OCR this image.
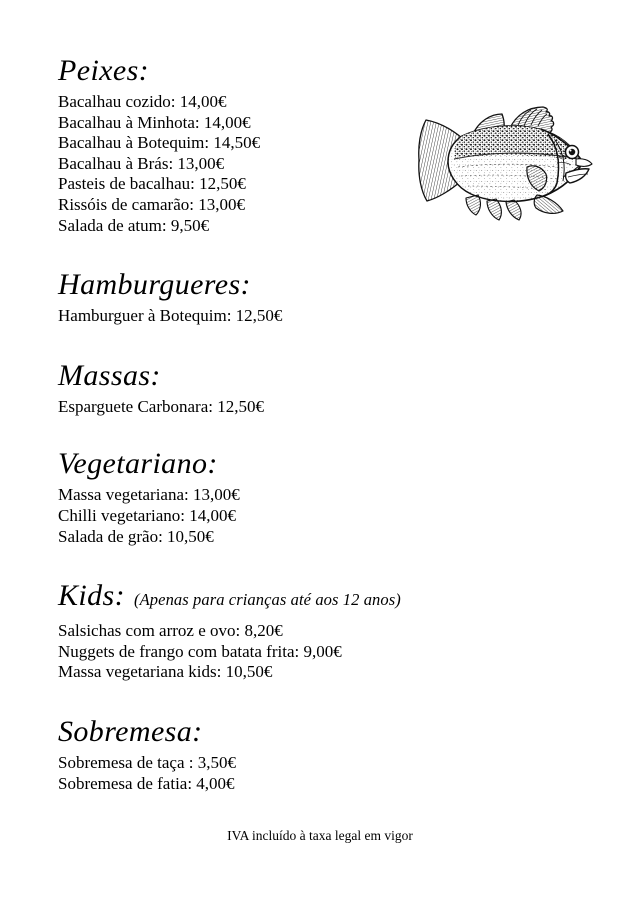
Peixes:
Bacalhau cozido: 14,00€
Bacalhau à Minhota: 14,00€
Bacalhau à Botequim: 14,50€
Bacalhau à Brás: 13,00€
Pasteis de bacalhau: 12,50€
Rissóis de camarão: 13,00€
Salada de atum: 9,50€
Hamburgueres:
Hamburguer à Botequim: 12,50€
Massas:
Esparguete Carbonara: 12,50€
Vegetariano:
Massa vegetariana: 13,00€
Chilli vegetariano: 14,00€
Salada de grão: 10,50€
Kids: (Apenas para crianças até aos 12 anos)
Salsichas com arroz e ovo: 8,20€
Nuggets de frango com batata frita: 9,00€
Massa vegetariana kids: 10,50€
Sobremesa:
Sobremesa de taça : 3,50€
Sobremesa de fatia: 4,00€
IVA incluído à taxa legal em vigor
